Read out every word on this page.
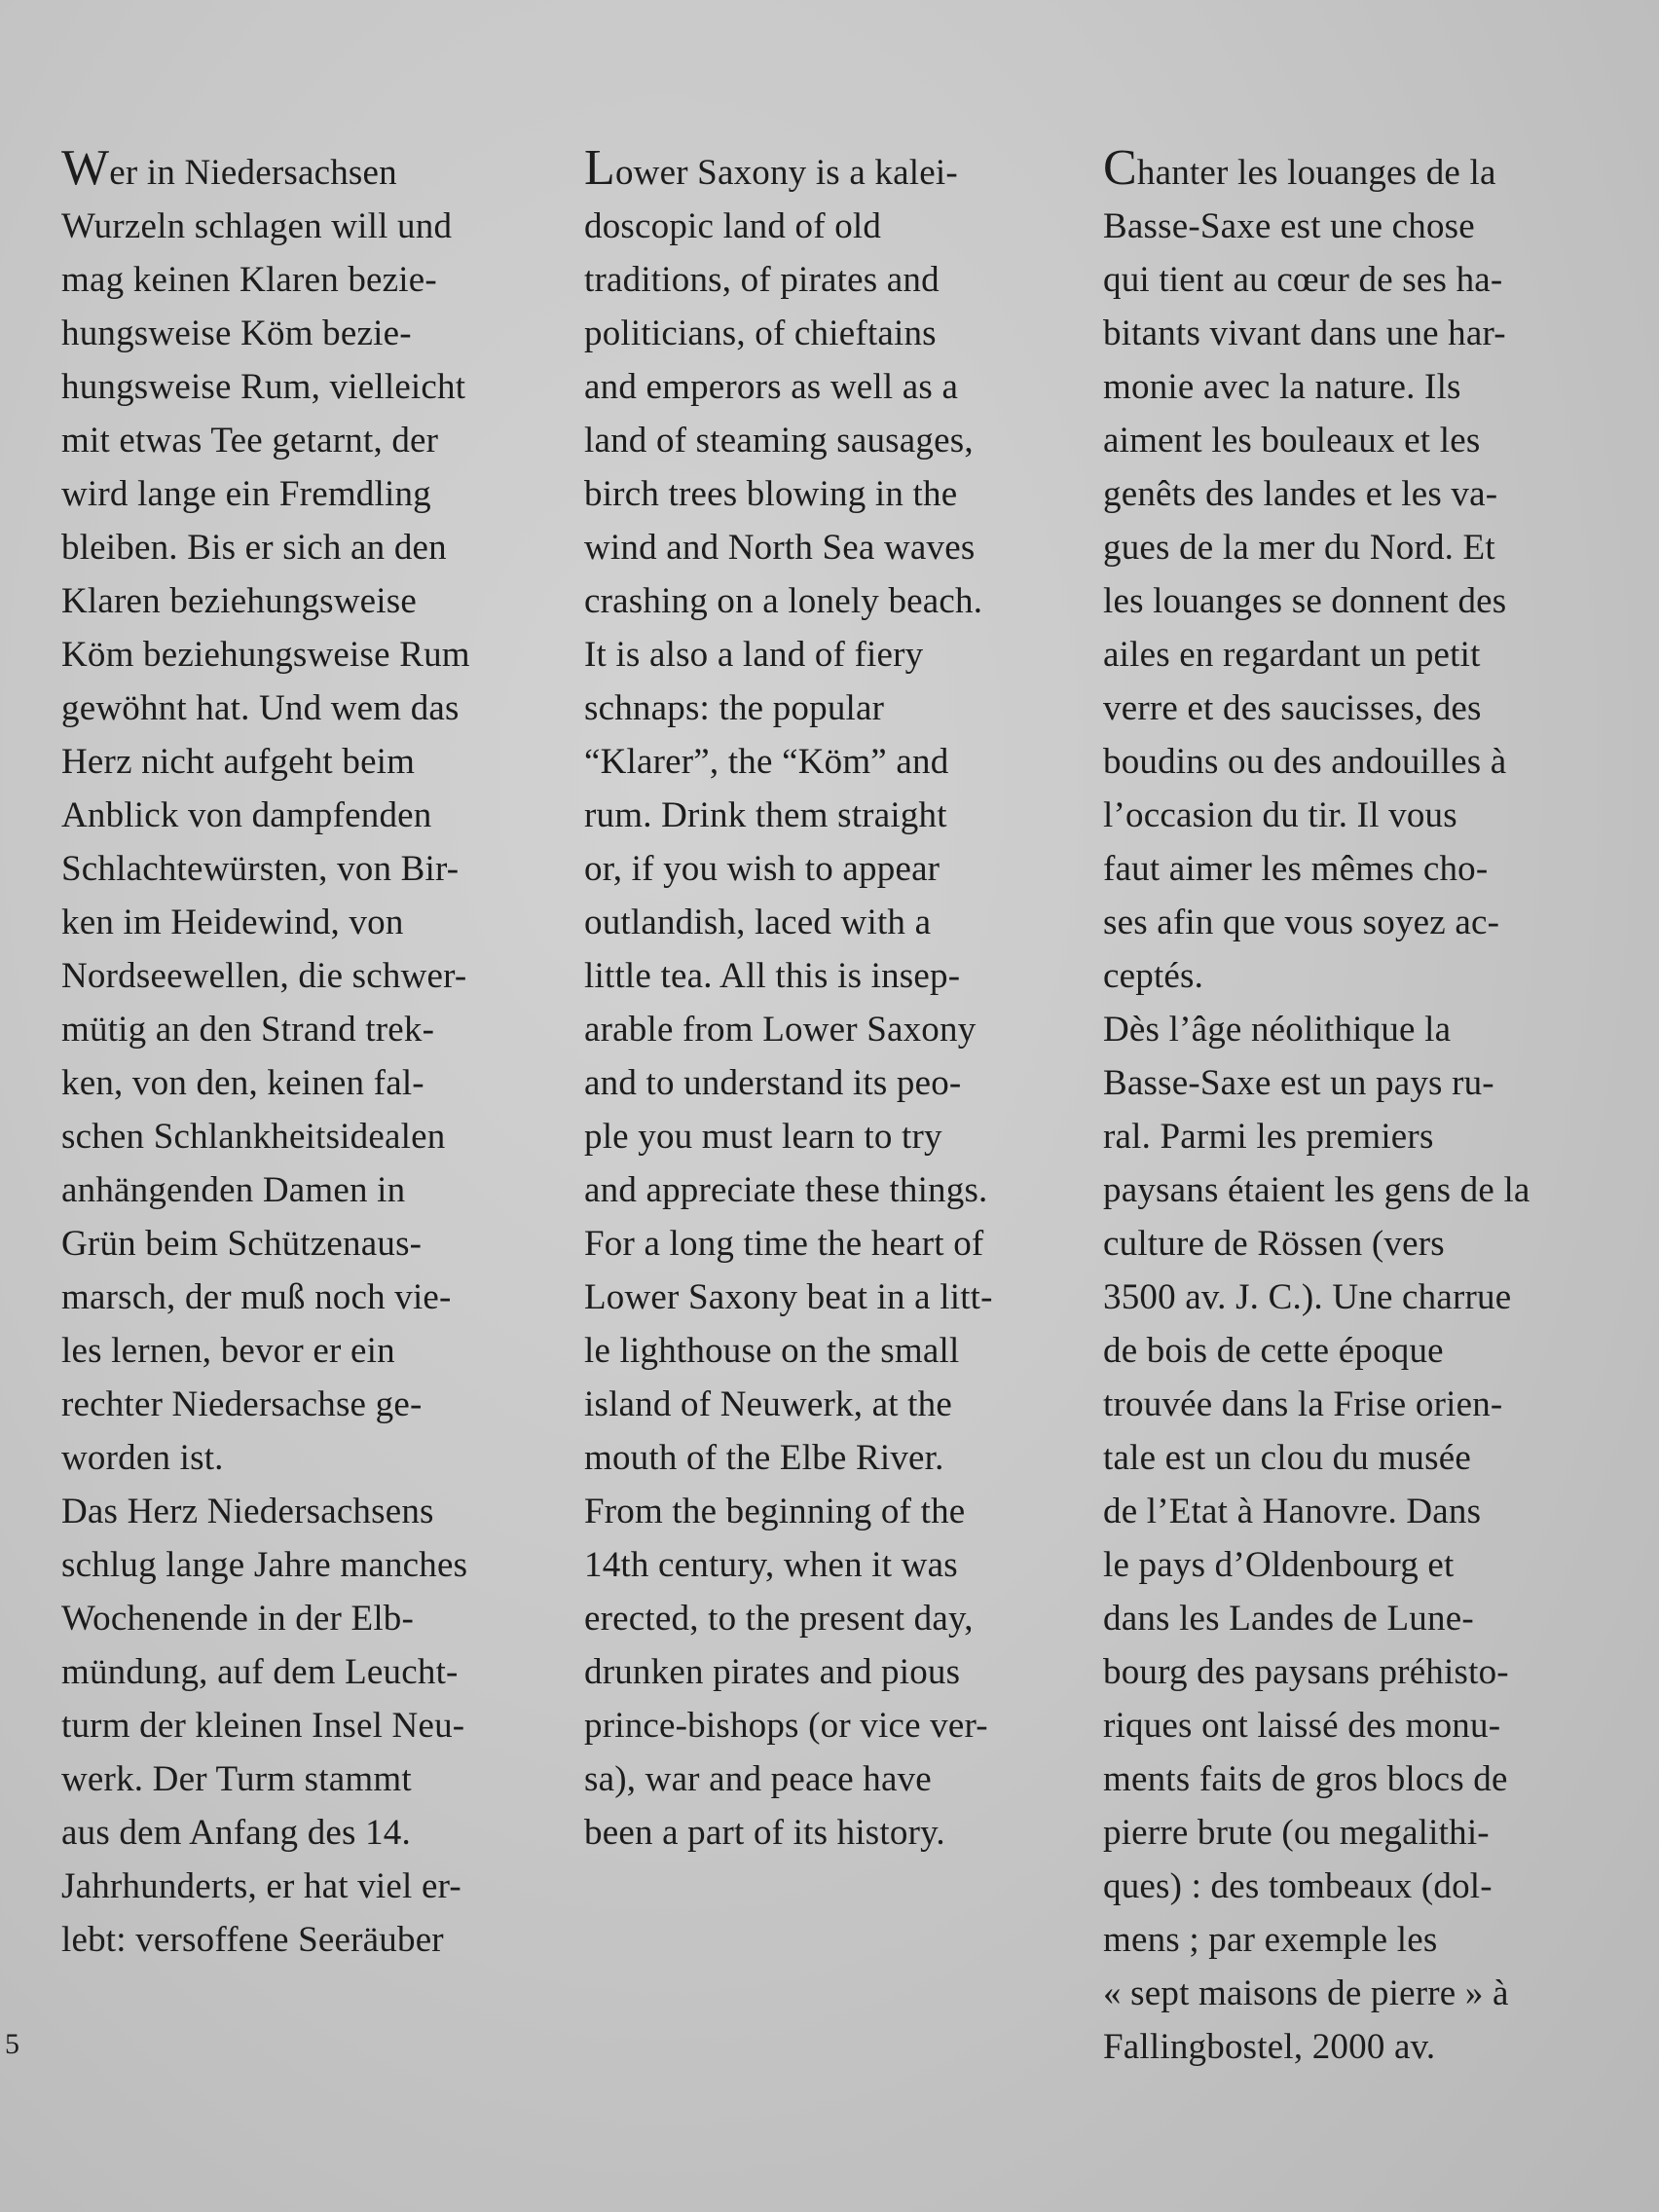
Wer in Niedersachsen
Wurzeln schlagen will und
mag keinen Klaren bezie-
hungsweise Köm bezie-
hungsweise Rum, vielleicht
mit etwas Tee getarnt, der
wird lange ein Fremdling
bleiben. Bis er sich an den
Klaren beziehungsweise
Köm beziehungsweise Rum
gewöhnt hat. Und wem das
Herz nicht aufgeht beim
Anblick von dampfenden
Schlachtewürsten, von Bir-
ken im Heidewind, von
Nordseewellen, die schwer-
mütig an den Strand trek-
ken, von den, keinen fal-
schen Schlankheitsidealen
anhängenden Damen in
Grün beim Schützenaus-
marsch, der muß noch vie-
les lernen, bevor er ein
rechter Niedersachse ge-
worden ist.
Das Herz Niedersachsens
schlug lange Jahre manches
Wochenende in der Elb-
mündung, auf dem Leucht-
turm der kleinen Insel Neu-
werk. Der Turm stammt
aus dem Anfang des 14.
Jahrhunderts, er hat viel er-
lebt: versoffene Seeräuber
Lower Saxony is a kalei-
doscopic land of old
traditions, of pirates and
politicians, of chieftains
and emperors as well as a
land of steaming sausages,
birch trees blowing in the
wind and North Sea waves
crashing on a lonely beach.
It is also a land of fiery
schnaps: the popular
“Klarer”, the “Köm” and
rum. Drink them straight
or, if you wish to appear
outlandish, laced with a
little tea. All this is insep-
arable from Lower Saxony
and to understand its peo-
ple you must learn to try
and appreciate these things.
For a long time the heart of
Lower Saxony beat in a litt-
le lighthouse on the small
island of Neuwerk, at the
mouth of the Elbe River.
From the beginning of the
14th century, when it was
erected, to the present day,
drunken pirates and pious
prince-bishops (or vice ver-
sa), war and peace have
been a part of its history.
Chanter les louanges de la
Basse-Saxe est une chose
qui tient au cœur de ses ha-
bitants vivant dans une har-
monie avec la nature. Ils
aiment les bouleaux et les
genêts des landes et les va-
gues de la mer du Nord. Et
les louanges se donnent des
ailes en regardant un petit
verre et des saucisses, des
boudins ou des andouilles à
l’occasion du tir. Il vous
faut aimer les mêmes cho-
ses afin que vous soyez ac-
ceptés.
Dès l’âge néolithique la
Basse-Saxe est un pays ru-
ral. Parmi les premiers
paysans étaient les gens de la
culture de Rössen (vers
3500 av. J. C.). Une charrue
de bois de cette époque
trouvée dans la Frise orien-
tale est un clou du musée
de l’Etat à Hanovre. Dans
le pays d’Oldenbourg et
dans les Landes de Lune-
bourg des paysans préhisto-
riques ont laissé des monu-
ments faits de gros blocs de
pierre brute (ou megalithi-
ques) : des tombeaux (dol-
mens ; par exemple les
« sept maisons de pierre » à
Fallingbostel, 2000 av.
5
